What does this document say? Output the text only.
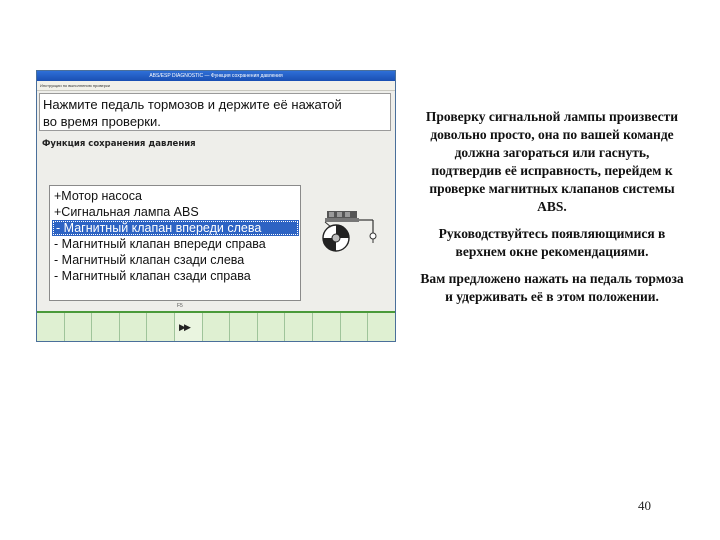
ABS/ESP DIAGNOSTIC — Функция сохранения давления
Инструкции по выполнению проверки
Нажмите педаль тормозов и держите её нажатой
во время проверки.
Функция сохранения давления
+Мотор насоса
+Сигнальная лампа ABS
- Магнитный клапан впереди слева
- Магнитный клапан впереди справа
- Магнитный клапан сзади слева
- Магнитный клапан сзади справа
F5
▶▶

Проверку сигнальной лампы произвести довольно просто, она по вашей команде должна загораться или гаснуть, подтвердив её исправность, перейдем к проверке магнитных клапанов системы ABS.

Руководствуйтесь появляющимися в верхнем окне рекомендациями.

Вам предложено нажать на педаль тормоза и удерживать её в этом положении.

40
